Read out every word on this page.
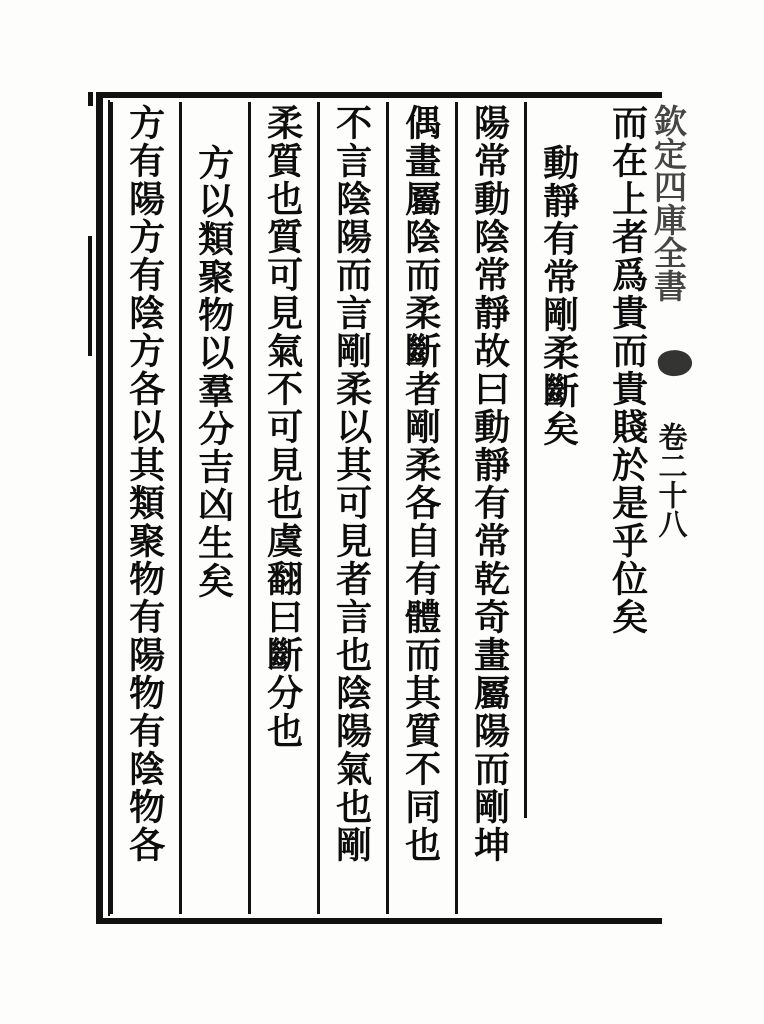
而在上者爲貴而貴賤於是乎位矣
動靜有常剛柔斷矣
陽常動陰常靜故曰動靜有常乾奇畫屬陽而剛坤
偶畫屬陰而柔斷者剛柔各自有體而其質不同也
不言陰陽而言剛柔以其可見者言也陰陽氣也剛
柔質也質可見氣不可見也虞翻曰斷分也
方以類聚物以羣分吉凶生矣
方有陽方有陰方各以其類聚物有陽物有陰物各	欽定四庫全書
卷二十八
